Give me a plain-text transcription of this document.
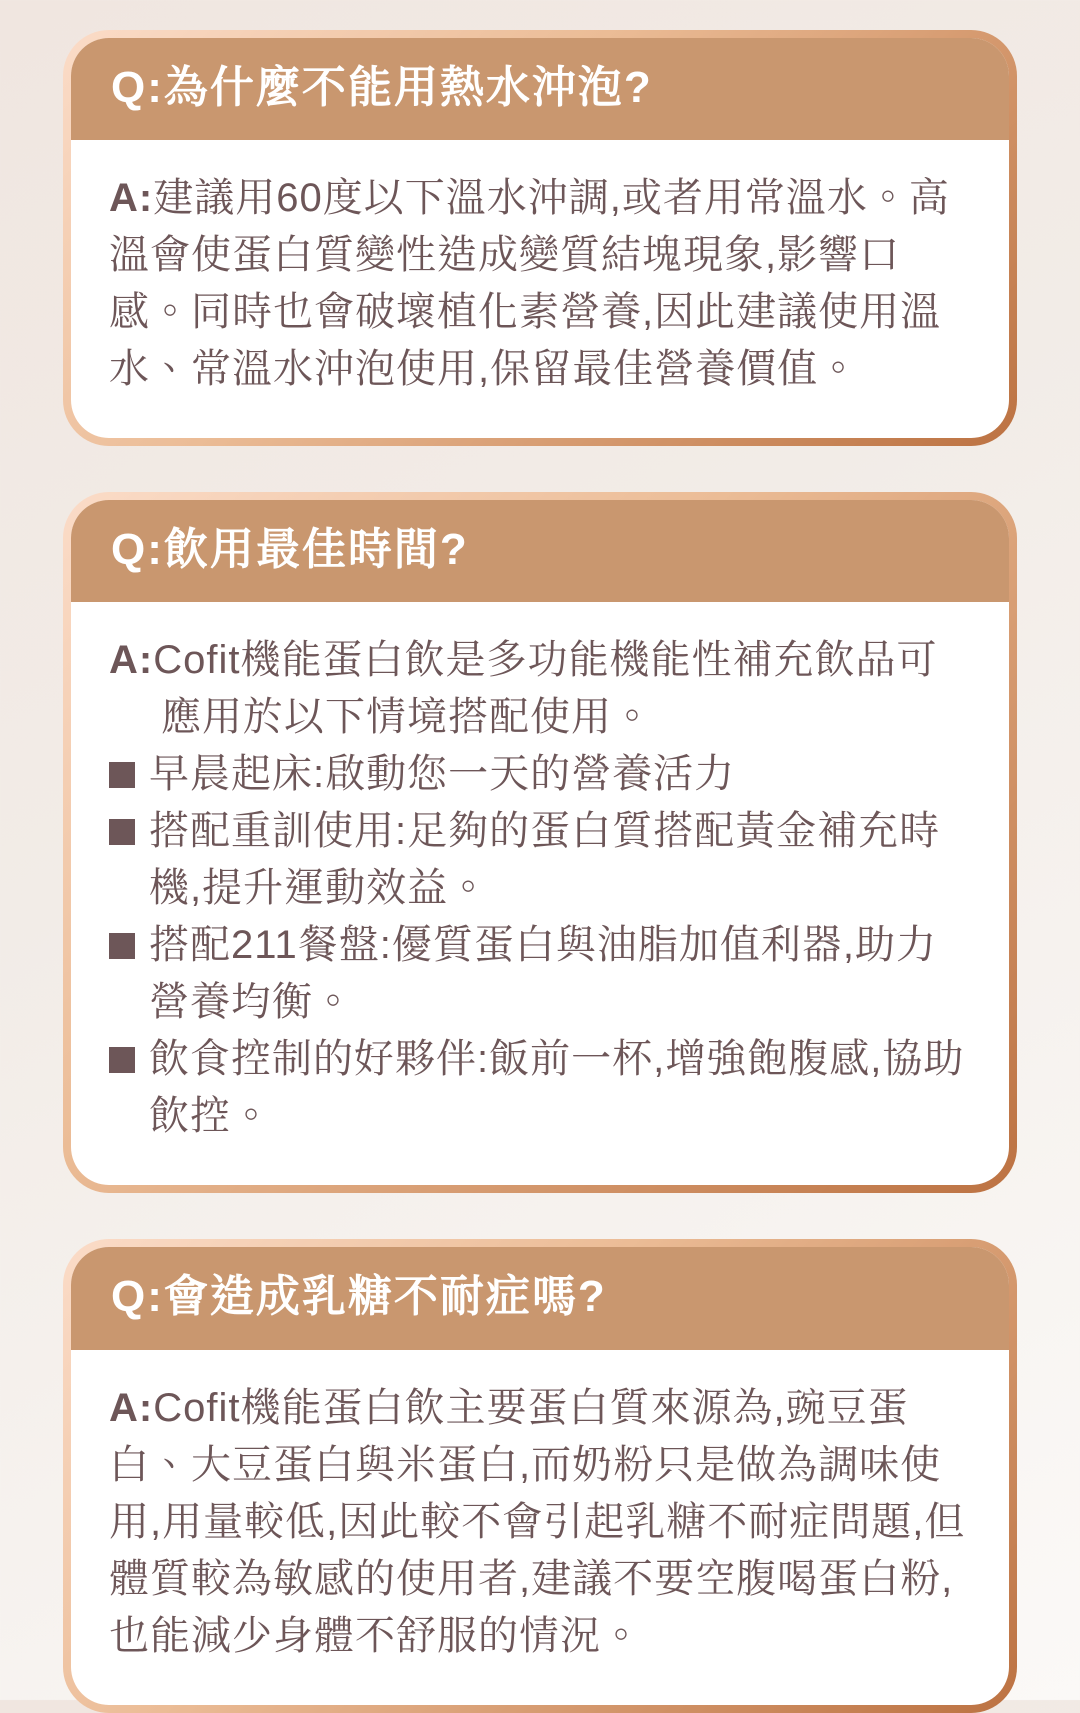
Q:為什麼不能用熱水沖泡?

A:建議用60度以下溫水沖調,或者用常溫水。高溫會使蛋白質變性造成變質結塊現象,影響口感。同時也會破壞植化素營養,因此建議使用溫水、常溫水沖泡使用,保留最佳營養價值。

Q:飲用最佳時間?

A:Cofit機能蛋白飲是多功能機能性補充飲品可應用於以下情境搭配使用。

早晨起床:啟動您一天的營養活力
搭配重訓使用:足夠的蛋白質搭配黃金補充時機,提升運動效益。
搭配211餐盤:優質蛋白與油脂加值利器,助力營養均衡。
飲食控制的好夥伴:飯前一杯,增強飽腹感,協助飲控。
Q:會造成乳糖不耐症嗎?

A:Cofit機能蛋白飲主要蛋白質來源為,豌豆蛋白、大豆蛋白與米蛋白,而奶粉只是做為調味使用,用量較低,因此較不會引起乳糖不耐症問題,但體質較為敏感的使用者,建議不要空腹喝蛋白粉,也能減少身體不舒服的情況。
